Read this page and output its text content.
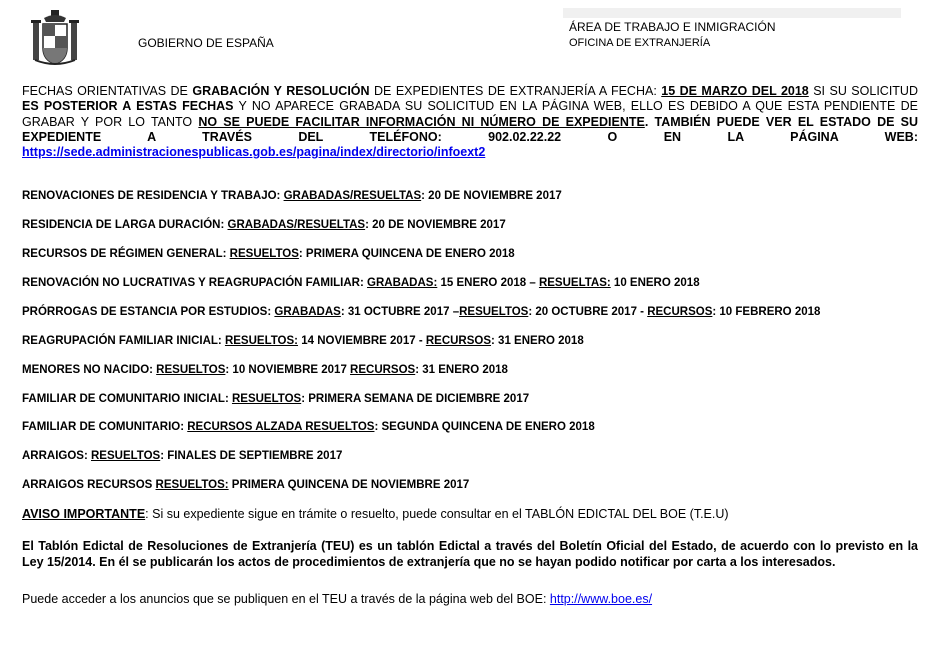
GOBIERNO DE ESPAÑA
ÁREA DE TRABAJO E INMIGRACIÓN
OFICINA DE EXTRANJERÍA
FECHAS ORIENTATIVAS DE GRABACIÓN Y RESOLUCIÓN DE EXPEDIENTES DE EXTRANJERÍA A FECHA: 15 DE MARZO DEL 2018 SI SU SOLICITUD ES POSTERIOR A ESTAS FECHAS Y NO APARECE GRABADA SU SOLICITUD EN LA PÁGINA WEB, ELLO ES DEBIDO A QUE ESTA PENDIENTE DE GRABAR Y POR LO TANTO NO SE PUEDE FACILITAR INFORMACIÓN NI NÚMERO DE EXPEDIENTE. TAMBIÉN PUEDE VER EL ESTADO DE SU EXPEDIENTE A TRAVÉS DEL TELÉFONO: 902.02.22.22 O EN LA PÁGINA WEB: https://sede.administracionespublicas.gob.es/pagina/index/directorio/infoext2
RENOVACIONES DE RESIDENCIA Y TRABAJO: GRABADAS/RESUELTAS: 20 DE NOVIEMBRE 2017
RESIDENCIA DE LARGA DURACIÓN: GRABADAS/RESUELTAS: 20 DE NOVIEMBRE 2017
RECURSOS DE RÉGIMEN GENERAL: RESUELTOS: PRIMERA QUINCENA DE ENERO 2018
RENOVACIÓN NO LUCRATIVAS Y REAGRUPACIÓN FAMILIAR: GRABADAS: 15 ENERO 2018 – RESUELTAS: 10 ENERO 2018
PRÓRROGAS DE ESTANCIA POR ESTUDIOS: GRABADAS: 31 OCTUBRE 2017 –RESUELTOS: 20 OCTUBRE 2017 - RECURSOS: 10 FEBRERO 2018
REAGRUPACIÓN FAMILIAR INICIAL: RESUELTOS: 14 NOVIEMBRE 2017 - RECURSOS: 31 ENERO 2018
MENORES NO NACIDO: RESUELTOS: 10 NOVIEMBRE 2017 RECURSOS: 31 ENERO 2018
FAMILIAR DE COMUNITARIO INICIAL: RESUELTOS: PRIMERA SEMANA DE DICIEMBRE 2017
FAMILIAR DE COMUNITARIO: RECURSOS ALZADA RESUELTOS: SEGUNDA QUINCENA DE ENERO 2018
ARRAIGOS: RESUELTOS: FINALES DE SEPTIEMBRE 2017
ARRAIGOS RECURSOS RESUELTOS: PRIMERA QUINCENA DE NOVIEMBRE 2017
AVISO IMPORTANTE: Si su expediente sigue en trámite o resuelto, puede consultar en el TABLÓN EDICTAL DEL BOE (T.E.U)
El Tablón Edictal de Resoluciones de Extranjería (TEU) es un tablón Edictal a través del Boletín Oficial del Estado, de acuerdo con lo previsto en la Ley 15/2014. En él se publicarán los actos de procedimientos de extranjería que no se hayan podido notificar por carta a los interesados.
Puede acceder a los anuncios que se publiquen en el TEU a través de la página web del BOE: http://www.boe.es/
